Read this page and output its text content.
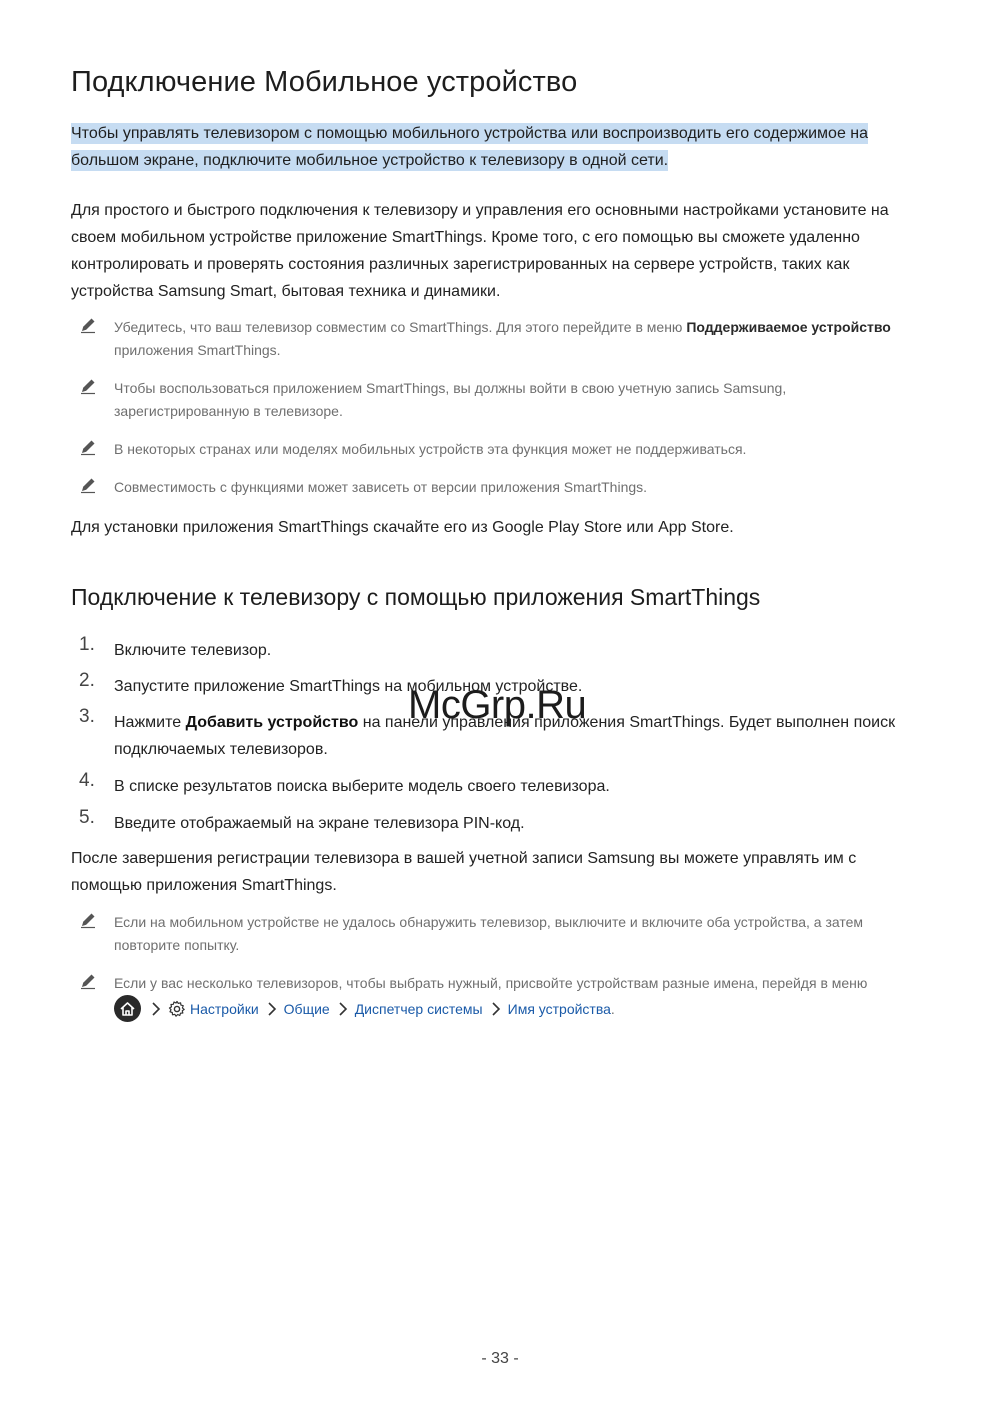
Подключение Мобильное устройство

Чтобы управлять телевизором с помощью мобильного устройства или воспроизводить его содержимое на большом экране, подключите мобильное устройство к телевизору в одной сети.

Для простого и быстрого подключения к телевизору и управления его основными настройками установите на своем мобильном устройстве приложение SmartThings. Кроме того, с его помощью вы сможете удаленно контролировать и проверять состояния различных зарегистрированных на сервере устройств, таких как устройства Samsung Smart, бытовая техника и динамики.

Убедитесь, что ваш телевизор совместим со SmartThings. Для этого перейдите в меню Поддерживаемое устройство приложения SmartThings.

Чтобы воспользоваться приложением SmartThings, вы должны войти в свою учетную запись Samsung, зарегистрированную в телевизоре.

В некоторых странах или моделях мобильных устройств эта функция может не поддерживаться.

Совместимость с функциями может зависеть от версии приложения SmartThings.

Для установки приложения SmartThings скачайте его из Google Play Store или App Store.

Подключение к телевизору с помощью приложения SmartThings
1. Включите телевизор.

2. Запустите приложение SmartThings на мобильном устройстве.

3. Нажмите Добавить устройство на панели управления приложения SmartThings. Будет выполнен поиск подключаемых телевизоров.

4. В списке результатов поиска выберите модель своего телевизора.

5. Введите отображаемый на экране телевизора PIN-код.

После завершения регистрации телевизора в вашей учетной записи Samsung вы можете управлять им с помощью приложения SmartThings.

Если на мобильном устройстве не удалось обнаружить телевизор, выключите и включите оба устройства, а затем повторите попытку.

Если у вас несколько телевизоров, чтобы выбрать нужный, присвойте устройствам разные имена, перейдя в меню

Настройки Общие Диспетчер системы Имя устройства .
McGrp.Ru
- 33 -
